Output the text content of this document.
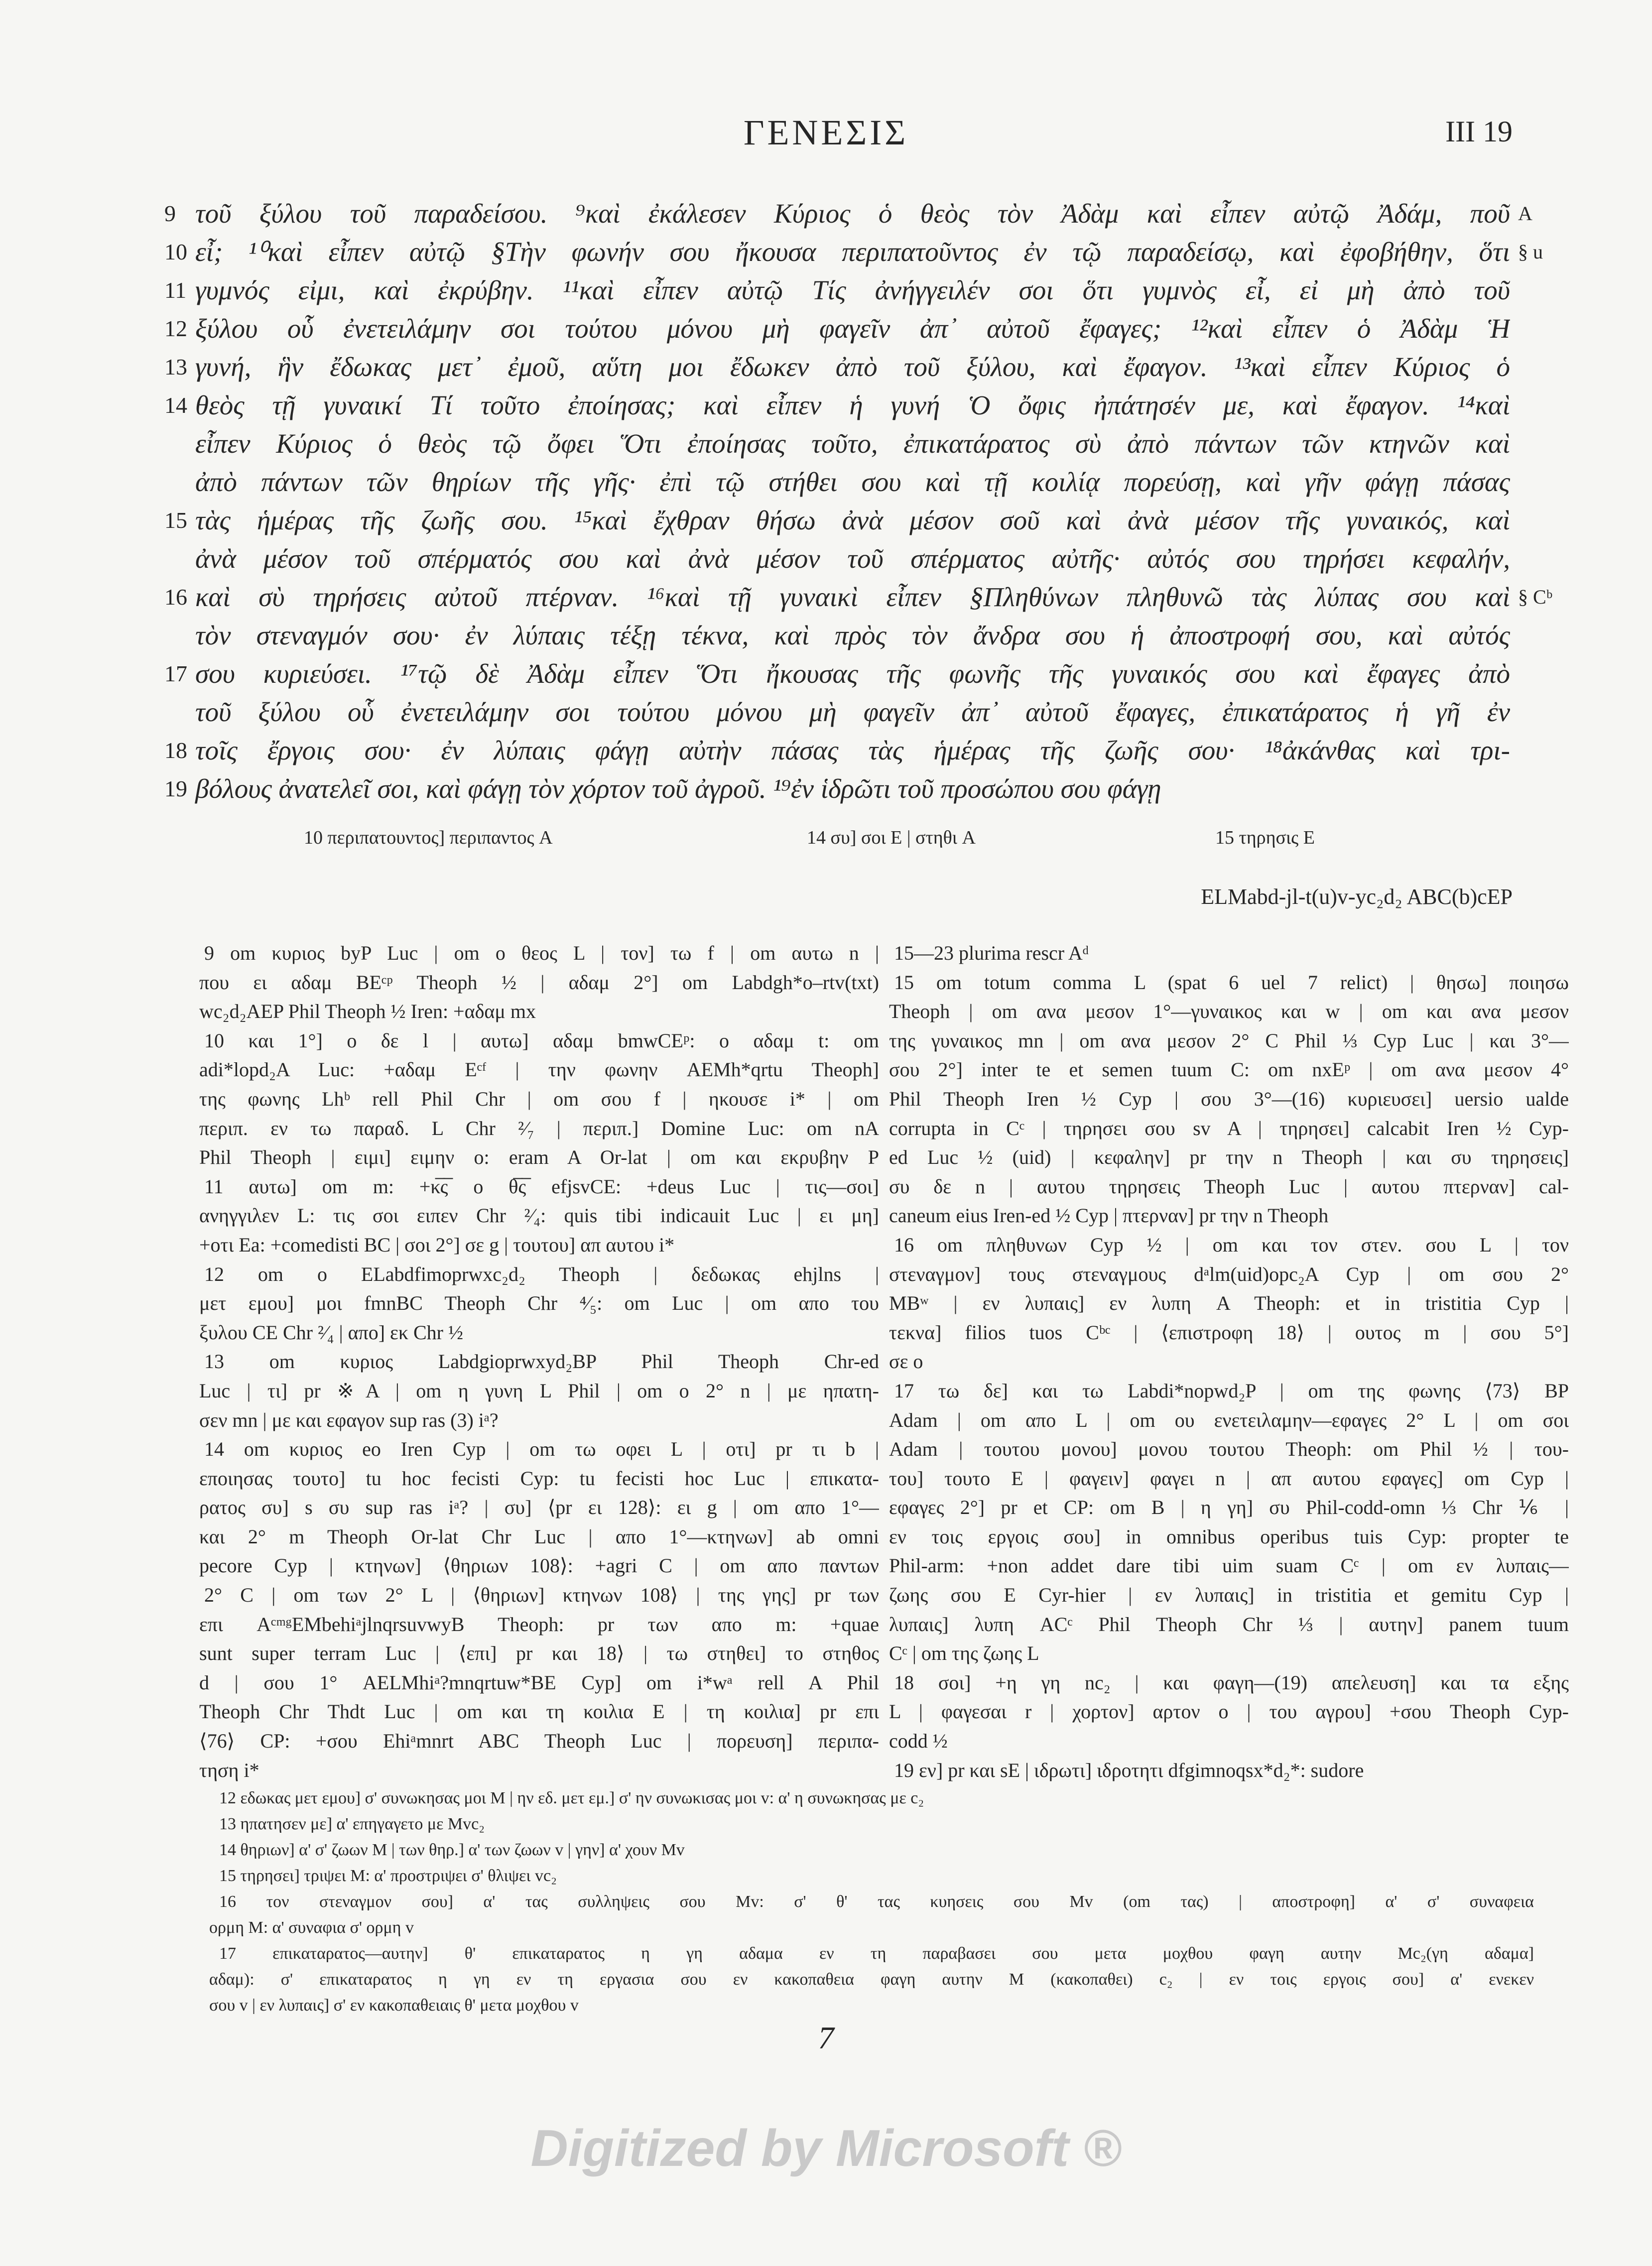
ΓΕΝΕΣΙΣ	III 19
9 τοῦ ξύλου τοῦ παραδείσου. ⁹καὶ ἐκάλεσεν Κύριος ὁ θεὸς τὸν Ἀδὰμ καὶ εἶπεν αὐτῷ Ἀδάμ, ποῦ A
10 εἶ; ¹⁰καὶ εἶπεν αὐτῷ §Τὴν φωνήν σου ἤκουσα περιπατοῦντος ἐν τῷ παραδείσῳ, καὶ ἐφοβήθην, ὅτι § u
11 γυμνός εἰμι, καὶ ἐκρύβην. ¹¹καὶ εἶπεν αὐτῷ Τίς ἀνήγγειλέν σοι ὅτι γυμνὸς εἶ, εἰ μὴ ἀπὸ τοῦ
12 ξύλου οὗ ἐνετειλάμην σοι τούτου μόνου μὴ φαγεῖν ἀπ᾽ αὐτοῦ ἔφαγες; ¹²καὶ εἶπεν ὁ Ἀδὰμ Ἡ
13 γυνή, ἣν ἔδωκας μετ᾽ ἐμοῦ, αὕτη μοι ἔδωκεν ἀπὸ τοῦ ξύλου, καὶ ἔφαγον. ¹³καὶ εἶπεν Κύριος ὁ
14 θεὸς τῇ γυναικί Τί τοῦτο ἐποίησας; καὶ εἶπεν ἡ γυνή Ὁ ὄφις ἠπάτησέν με, καὶ ἔφαγον. ¹⁴καὶ
εἶπεν Κύριος ὁ θεὸς τῷ ὄφει Ὅτι ἐποίησας τοῦτο, ἐπικατάρατος σὺ ἀπὸ πάντων τῶν κτηνῶν καὶ
ἀπὸ πάντων τῶν θηρίων τῆς γῆς· ἐπὶ τῷ στήθει σου καὶ τῇ κοιλίᾳ πορεύσῃ, καὶ γῆν φάγῃ πάσας
15 τὰς ἡμέρας τῆς ζωῆς σου. ¹⁵καὶ ἔχθραν θήσω ἀνὰ μέσον σοῦ καὶ ἀνὰ μέσον τῆς γυναικός, καὶ
ἀνὰ μέσον τοῦ σπέρματός σου καὶ ἀνὰ μέσον τοῦ σπέρματος αὐτῆς· αὐτός σου τηρήσει κεφαλήν,
16 καὶ σὺ τηρήσεις αὐτοῦ πτέρναν. ¹⁶καὶ τῇ γυναικὶ εἶπεν §Πληθύνων πληθυνῶ τὰς λύπας σου καὶ § Cᵇ
τὸν στεναγμόν σου· ἐν λύπαις τέξῃ τέκνα, καὶ πρὸς τὸν ἄνδρα σου ἡ ἀποστροφή σου, καὶ αὐτός
17 σου κυριεύσει. ¹⁷τῷ δὲ Ἀδὰμ εἶπεν Ὅτι ἤκουσας τῆς φωνῆς τῆς γυναικός σου καὶ ἔφαγες ἀπὸ
τοῦ ξύλου οὗ ἐνετειλάμην σοι τούτου μόνου μὴ φαγεῖν ἀπ᾽ αὐτοῦ ἔφαγες, ἐπικατάρατος ἡ γῆ ἐν
18 τοῖς ἔργοις σου· ἐν λύπαις φάγῃ αὐτὴν πάσας τὰς ἡμέρας τῆς ζωῆς σου· ¹⁸ἀκάνθας καὶ τρι-
19 βόλους ἀνατελεῖ σοι, καὶ φάγῃ τὸν χόρτον τοῦ ἀγροῦ. ¹⁹ἐν ἱδρῶτι τοῦ προσώπου σου φάγῃ
10 περιπατουντος] περιπαντος A	14 συ] σοι E | στηθι A	15 τηρησις E
ELMabd-jl-t(u)v-yc₂d₂ ABC(b)cEP
9 om κυριος byP Luc | om ο θεος L | τον] τω f | om αυτω n |
που ει αδαμ BEᶜᵖ Theoph ½ | αδαμ 2°] om Labdgh*o–rtv(txt)
wc₂d₂AEP Phil Theoph ½ Iren: +αδαμ mx
10 και 1°] ο δε l | αυτω] αδαμ bmwCEᵖ: ο αδαμ t: om
adi*lopd₂A Luc: +αδαμ Eᶜᶠ | την φωνην AEMh*qrtu Theoph]
της φωνης Lhᵇ rell Phil Chr | om σου f | ηκουσε i* | om
περιπ. εν τω παραδ. L Chr ²⁄₇ | περιπ.] Domine Luc: om nA
Phil Theoph | ειμι] ειμην o: eram A Or-lat | om και εκρυβην P
11 αυτω] om m: +κ̅ς̅ ο θ̅ς̅ efjsvCE: +deus Luc | τις—σοι]
ανηγγιλεν L: τις σοι ειπεν Chr ²⁄₄: quis tibi indicauit Luc | ει μη]
+οτι Ea: +comedisti BC | σοι 2°] σε g | τουτου] απ αυτου i*
12 om ο ELabdfimoprwxc₂d₂ Theoph | δεδωκας ehjlns |
μετ εμου] μοι fmnBC Theoph Chr ⁴⁄₅: om Luc | om απο του
ξυλου CE Chr ²⁄₄ | απο] εκ Chr ½
13 om κυριος Labdgioprwxyd₂BP Phil Theoph Chr-ed
Luc | τι] pr ※A | om η γυνη L Phil | om ο 2° n | με ηπατη-
σεν mn | με και εφαγον sup ras (3) iᵃ?
14 om κυριος eo Iren Cyp | om τω οφει L | οτι] pr τι b |
εποιησας τουτο] tu hoc fecisti Cyp: tu fecisti hoc Luc | επικατα-
ρατος συ] s συ sup ras iᵃ? | συ] ⟨pr ει 128⟩: ει g | om απο 1°—
και 2° m Theoph Or-lat Chr Luc | απο 1°—κτηνων] ab omni
pecore Cyp | κτηνων] ⟨θηριων 108⟩: +agri C | om απο παντων
2° C | om των 2° L | ⟨θηριων] κτηνων 108⟩ | της γης] pr των
επι AᶜᵐᵍEMbehiᵃjlnqrsuvwyB Theoph: pr των απο m: +quae
sunt super terram Luc | ⟨επι] pr και 18⟩ | τω στηθει] το στηθος
d | σου 1° AELMhiᵃ?mnqrtuw*BE Cyp] om i*wᵃ rell A Phil
Theoph Chr Thdt Luc | om και τη κοιλια E | τη κοιλια] pr επι
⟨76⟩ CP: +σου Ehiᵃmnrt ABC Theoph Luc | πορευση] περιπα-
τηση i*
15—23 plurima rescr Aᵈ
15 om totum comma L (spat 6 uel 7 relict) | θησω] ποιησω
Theoph | om ανα μεσον 1°—γυναικος και w | om και ανα μεσον
της γυναικος mn | om ανα μεσον 2° C Phil ⅓ Cyp Luc | και 3°—
σου 2°] inter te et semen tuum C: om nxEᵖ | om ανα μεσον 4°
Phil Theoph Iren ½ Cyp | σου 3°—(16) κυριευσει] uersio ualde
corrupta in Cᶜ | τηρησει σου sv A | τηρησει] calcabit Iren ½ Cyp-
ed Luc ½ (uid) | κεφαλην] pr την n Theoph | και συ τηρησεις]
συ δε n | αυτου τηρησεις Theoph Luc | αυτου πτερναν] cal-
caneum eius Iren-ed ½ Cyp | πτερναν] pr την n Theoph
16 om πληθυνων Cyp ½ | om και τον στεν. σου L | τον
στεναγμον] τους στεναγμους dᵃlm(uid)opc₂A Cyp | om σου 2°
MBʷ | εν λυπαις] εν λυπη A Theoph: et in tristitia Cyp |
τεκνα] filios tuos Cᵇᶜ | ⟨επιστροφη 18⟩ | ουτος m | σου 5°]
σε o
17 τω δε] και τω Labdi*nopwd₂P | om της φωνης ⟨73⟩ BP
Adam | om απο L | om ου ενετειλαμην—εφαγες 2° L | om σοι
Adam | τουτου μονου] μονου τουτου Theoph: om Phil ½ | του-
του] τουτο E | φαγειν] φαγει n | απ αυτου εφαγες] om Cyp |
εφαγες 2°] pr et CP: om B | η γη] συ Phil-codd-omn ⅓ Chr ⅙ |
εν τοις εργοις σου] in omnibus operibus tuis Cyp: propter te
Phil-arm: +non addet dare tibi uim suam Cᶜ | om εν λυπαις—
ζωης σου E Cyr-hier | εν λυπαις] in tristitia et gemitu Cyp |
λυπαις] λυπη ACᶜ Phil Theoph Chr ⅓ | αυτην] panem tuum
Cᶜ | om της ζωης L
18 σοι] +η γη nc₂ | και φαγη—(19) απελευση] και τα εξης
L | φαγεσαι r | χορτον] αρτον o | του αγρου] +σου Theoph Cyp-
codd ½
19 εν] pr και sE | ιδρωτι] ιδροτητι dfgimnoqsx*d₂*: sudore
12 εδωκας μετ εμου] σ' συνωκησας μοι M | ην εδ. μετ εμ.] σ' ην συνωκισας μοι v: α' η συνωκησας με c₂
13 ηπατησεν με] α' επηγαγετο με Mvc₂
14 θηριων] α' σ' ζωων M | των θηρ.] α' των ζωων v | γην] α' χουν Mv
15 τηρησει] τριψει M: α' προστριψει σ' θλιψει vc₂
16 τον στεναγμον σου] α' τας συλληψεις σου Mv: σ' θ' τας κυησεις σου Mv (om τας) | αποστροφη] α' σ' συναφεια
ορμη M: α' συναφια σ' ορμη v
17 επικαταρατος—αυτην] θ' επικαταρατος η γη αδαμα εν τη παραβασει σου μετα μοχθου φαγη αυτην Mc₂(γη αδαμα]
αδαμ): σ' επικαταρατος η γη εν τη εργασια σου εν κακοπαθεια φαγη αυτην M (κακοπαθει) c₂ | εν τοις εργοις σου] α' ενεκεν
σου v | εν λυπαις] σ' εν κακοπαθειαις θ' μετα μοχθου v
7
Digitized by Microsoft ®
